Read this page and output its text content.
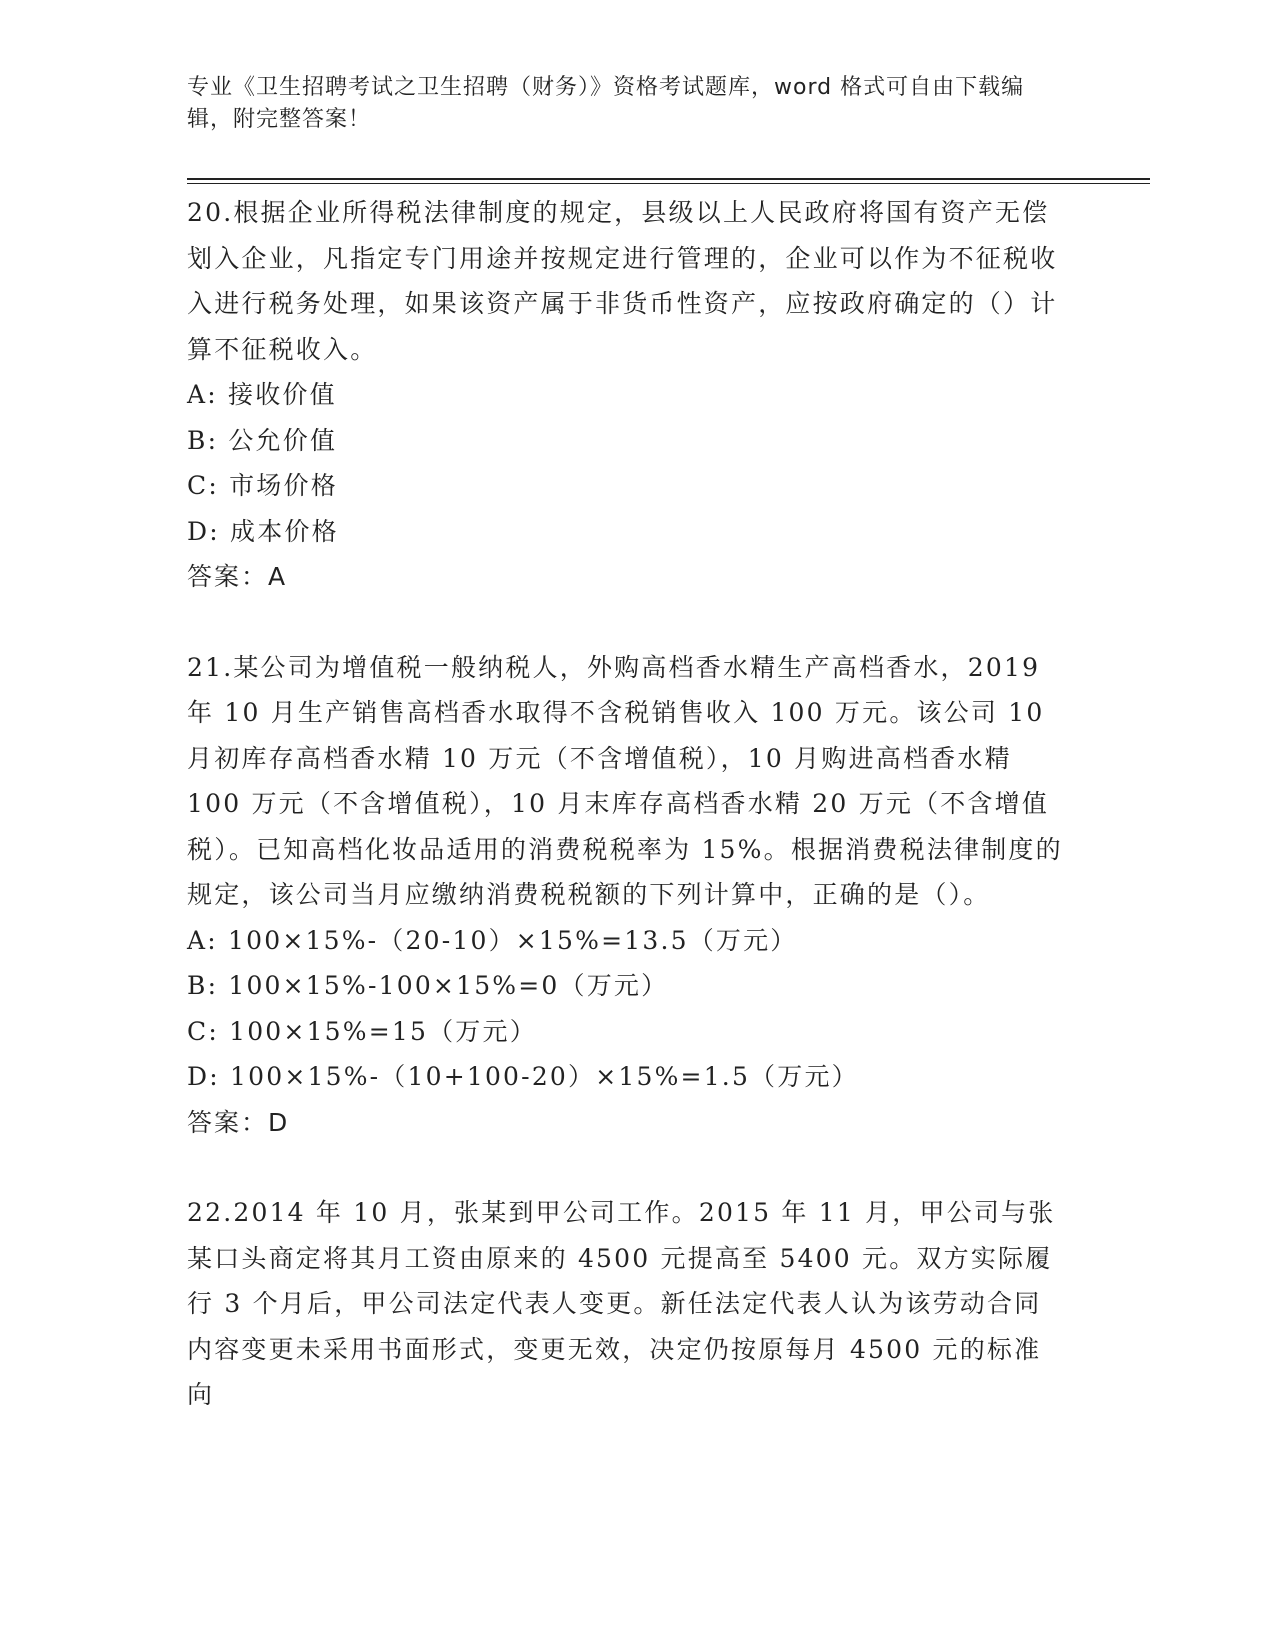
专业《卫生招聘考试之卫生招聘（财务）》资格考试题库，word 格式可自由下载编辑，附完整答案！

20.根据企业所得税法律制度的规定，县级以上人民政府将国有资产无偿划入企业，凡指定专门用途并按规定进行管理的，企业可以作为不征税收入进行税务处理，如果该资产属于非货币性资产，应按政府确定的（）计算不征税收入。

A: 接收价值

B: 公允价值

C: 市场价格

D: 成本价格

答案：A

21.某公司为增值税一般纳税人，外购高档香水精生产高档香水，2019 年 10 月生产销售高档香水取得不含税销售收入 100 万元。该公司 10 月初库存高档香水精 10 万元（不含增值税），10 月购进高档香水精 100 万元（不含增值税），10 月末库存高档香水精 20 万元（不含增值税）。已知高档化妆品适用的消费税税率为 15%。根据消费税法律制度的规定，该公司当月应缴纳消费税税额的下列计算中，正确的是（）。

A: 100×15%-（20-10）×15%=13.5（万元）

B: 100×15%-100×15%=0（万元）

C: 100×15%=15（万元）

D: 100×15%-（10+100-20）×15%=1.5（万元）

答案：D

22.2014 年 10 月，张某到甲公司工作。2015 年 11 月，甲公司与张某口头商定将其月工资由原来的 4500 元提高至 5400 元。双方实际履行 3 个月后，甲公司法定代表人变更。新任法定代表人认为该劳动合同内容变更未采用书面形式，变更无效，决定仍按原每月 4500 元的标准向
